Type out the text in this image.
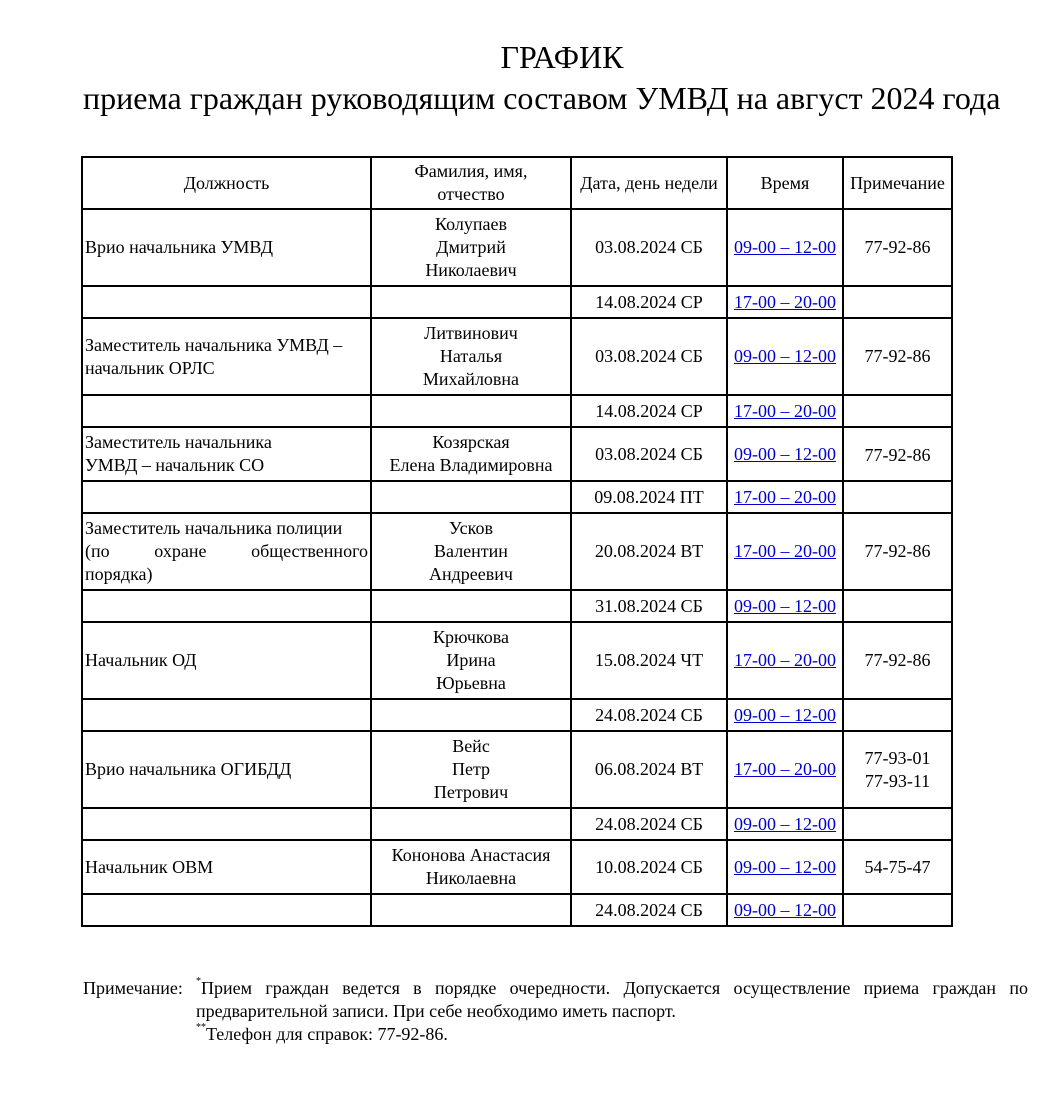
ГРАФИК
приема граждан руководящим составом УМВД на август 2024 года
Должность	Фамилия, имя,
отчество	Дата, день недели	Время	Примечание
Врио начальника УМВД	Колупаев
Дмитрий
Николаевич	03.08.2024 СБ	09-00 – 12-00	77-92-86
		14.08.2024 СР	17-00 – 20-00	
Заместитель начальника УМВД –
начальник ОРЛС	Литвинович
Наталья
Михайловна	03.08.2024 СБ	09-00 – 12-00	77-92-86
		14.08.2024 СР	17-00 – 20-00	
Заместитель начальника
УМВД – начальник СО	Козярская
Елена Владимировна	03.08.2024 СБ	09-00 – 12-00	77-92-86
		09.08.2024 ПТ	17-00 – 20-00	
Заместитель начальника полиции
(по охране общественного
порядка)	Усков
Валентин
Андреевич	20.08.2024 ВТ	17-00 – 20-00	77-92-86
		31.08.2024 СБ	09-00 – 12-00	
Начальник ОД	Крючкова
Ирина
Юрьевна	15.08.2024 ЧТ	17-00 – 20-00	77-92-86
		24.08.2024 СБ	09-00 – 12-00	
Врио начальника ОГИБДД	Вейс
Петр
Петрович	06.08.2024 ВТ	17-00 – 20-00	77-93-01
77-93-11
		24.08.2024 СБ	09-00 – 12-00	
Начальник ОВМ	Кононова Анастасия
Николаевна	10.08.2024 СБ	09-00 – 12-00	54-75-47
		24.08.2024 СБ	09-00 – 12-00	
Примечание: *Прием граждан ведется в порядке очередности. Допускается осуществление приема граждан по предварительной записи. При себе необходимо иметь паспорт.

**Телефон для справок: 77-92-86.
